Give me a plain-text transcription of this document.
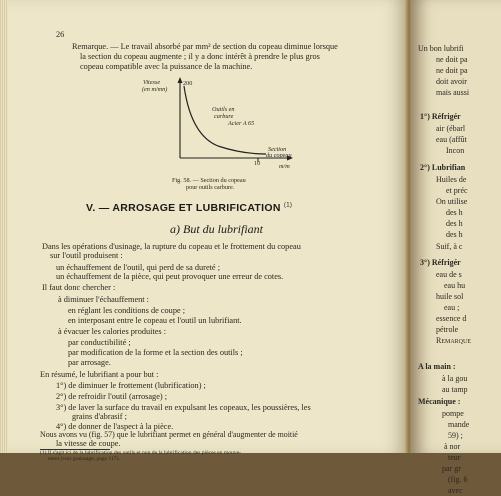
26
Remarque. — Le travail absorbé par mm² de section du copeau diminue lorsque
la section du copeau augmente ; il y a donc intérêt à prendre le plus gros
copeau compatible avec la puissance de la machine.
Vitesse
(en m/mn)
200
Outils en
carbure
Acier A 65
Section
du copeau
m/m
10
Fig. 58. — Section du copeau
pour outils carbure.
V. — ARROSAGE ET LUBRIFICATION $^{(1)}$
a) But du lubrifiant
Dans les opérations d'usinage, la rupture du copeau et le frottement du copeau
sur l'outil produisent :
un échauffement de l'outil, qui perd de sa dureté ;
un échauffement de la pièce, qui peut provoquer une erreur de cotes.
Il faut donc chercher :
à diminuer l'échauffement :
en réglant les conditions de coupe ;
en interposant entre le copeau et l'outil un lubrifiant.
à évacuer les calories produites :
par conductibilité ;
par modification de la forme et la section des outils ;
par arrosage.
En résumé, le lubrifiant a pour but :
1°) de diminuer le frottement (lubrification) ;
2°) de refroidir l'outil (arrosage) ;
3°) de laver la surface du travail en expulsant les copeaux, les poussières, les
grains d'abrasif ;
4°) de donner de l'aspect à la pièce.
Nous avons vu (fig. 57) que le lubrifiant permet en général d'augmenter de moitié
la vitesse de coupe.
(1) Il s'agit ici de la lubrification des outils et non de la lubrification des pièces en mouve-
ment (voir graissage, page 117).
Un bon lubrifi
ne doit pa
ne doit pa
doit avoir
mais aussi
1°) Réfrigér
air (ébarl
eau (affût
Incon
2°) Lubrifian
Huiles de
et préc
On utilise
des h
des h
des h
Suif, à c
3°) Réfrigér
eau de s
eau hu
huile sol
eau ;
essence d
pétrole
Remarque
A la main :
à la gou
au tamp
Mécanique :
pompe
mande
59) ;
à nor
teur
par gr
(fig. 6
avec
